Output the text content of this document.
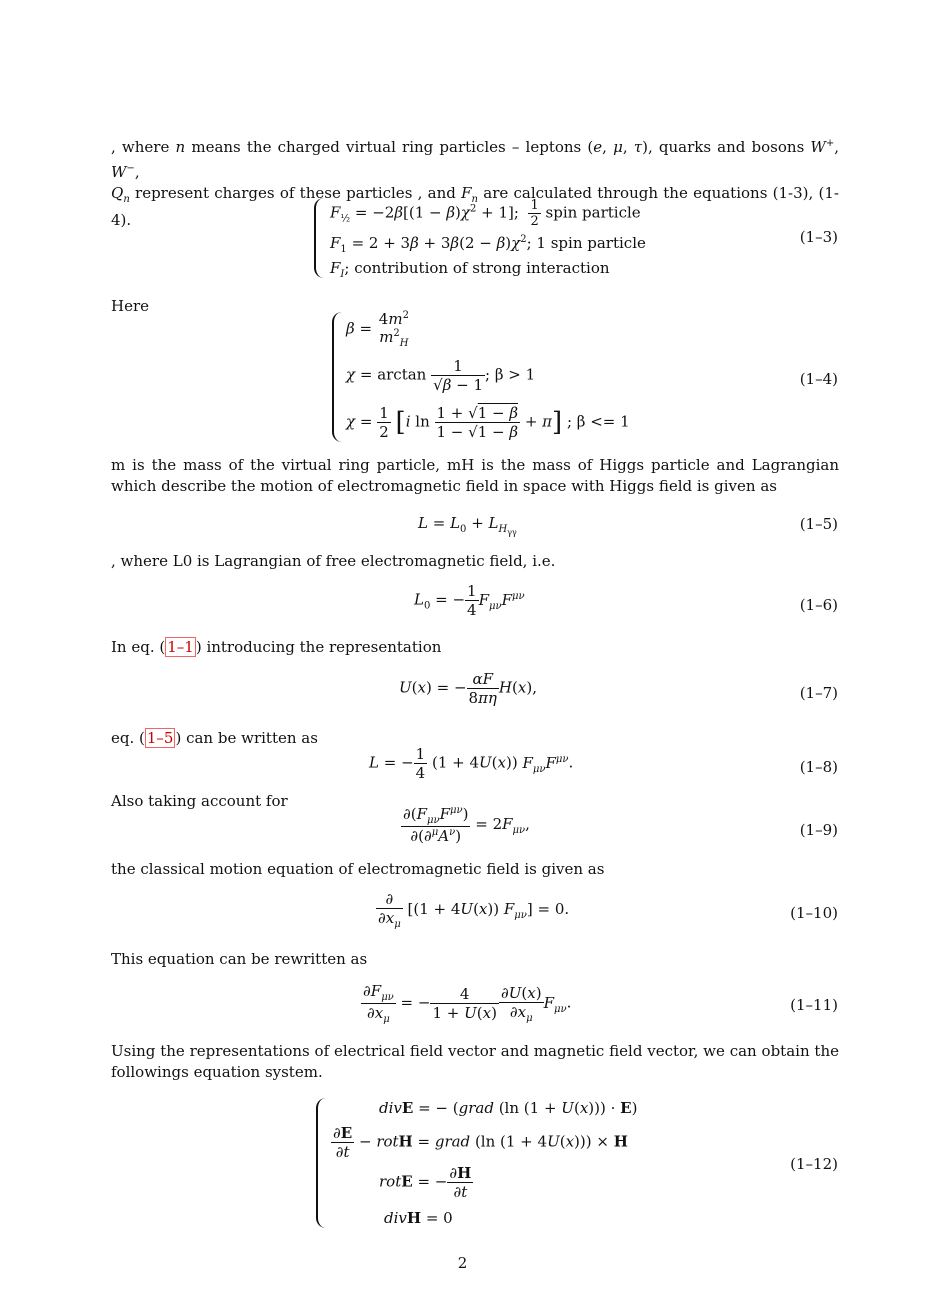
, where n means the charged virtual ring particles – leptons (e, μ, τ), quarks and bosons W+, W−,
$Q_n$ represent charges of these particles , and $F_n$ are calculated through the equations (1-3), (1-4).	$F_{\frac{1}{2}} = -2\beta[(1 - \beta)\chi^2 + 1]$; $\frac{1}{2}$ spin particle
$F_1 = 2 + 3\beta + 3\beta(2 - \beta)\chi^2$; 1 spin particle
$F_I$; contribution of strong interaction
(1–3)
Here
β =
$4m^2$
$m^2_H$
$\chi = \arctan \frac{1}{√\beta - 1}$ ; β > 1
$\chi = \frac{1}{2} [i$ $\ln \frac{1 + √1 - \beta}{1 - √1 - \beta} + \pi$] ; β <= 1
(1–4)
m is the mass of the virtual ring particle, mH is the mass of Higgs particle and Lagrangian which describe the motion of electromagnetic field in space with Higgs field is given as
$L = L_0 + L_{H_{\gamma\gamma}}$	(1–5)
, where L0 is Lagrangian of free electromagnetic field, i.e.
$L_0$ = − $\frac{1}{4} F_{\mu\nu}F^{\mu\nu}$	(1–6)
In eq. ( 1–1 ) introducing the representation
U(x) = − $\frac{\alpha F}{8\pi\eta} H(x)$,	(1–7)
eq. ( 1–5 ) can be written as
L = − $\frac{1}{4} (1 + 4U(x))$ $F_{\mu\nu}F^{\mu\nu}$.	(1–8)
Also taking account for
$\frac{\partial(F_{\mu\nu}F^{\mu\nu})}{\partial(\partial^\mu A^\nu)} = 2F_{\mu\nu}$,	(1–9)
the classical motion equation of electromagnetic field is given as
$\frac{\partial}{\partial x_\mu} [(1 + 4U(x)) F_{\mu\nu}] = 0$.	(1–10)
This equation can be rewritten as
$\frac{\partial F_{\mu\nu}}{\partial x_\mu}$ = − $\frac{4}{1 + U(x)} \frac{\partial U(x)}{\partial x_\mu} F_{\mu\nu}$.	(1–11)
Using the representations of electrical field vector and magnetic field vector, we can obtain the followings equation system.
divE = − (grad (ln (1 + U(x))) · E)
$\frac{\partial E}{\partial t}$ − rotH = grad (ln (1 + 4U(x))) × H
rotE = − $\frac{\partial H}{\partial t}$
divH = 0
(1–12)
2
